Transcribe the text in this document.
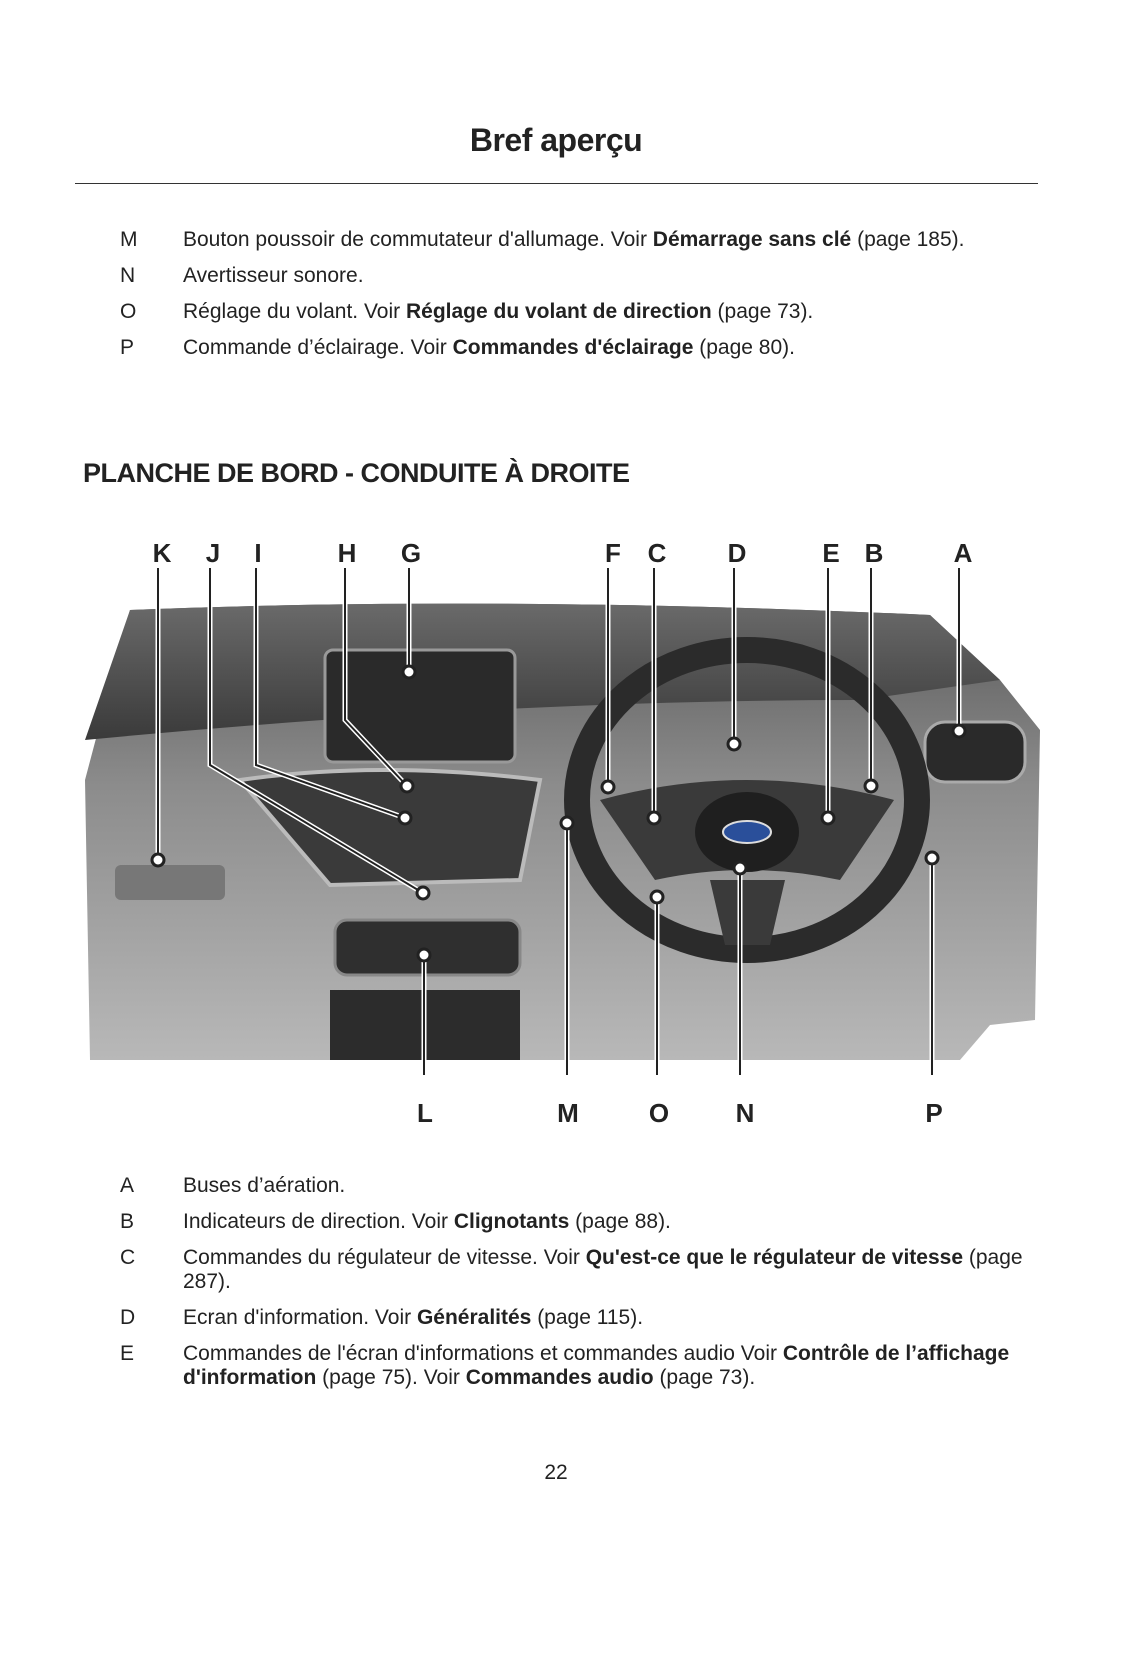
Bref aperçu
M	Bouton poussoir de commutateur d'allumage. Voir Démarrage sans clé (page 185).
N	Avertisseur sonore.
O	Réglage du volant. Voir Réglage du volant de direction (page 73).
P	Commande d’éclairage. Voir Commandes d'éclairage (page 80).
PLANCHE DE BORD - CONDUITE À DROITE
K J I	H G	F C D	E B	A
L	M	O	N	P
A	Buses d’aération.
B	Indicateurs de direction. Voir Clignotants (page 88).
C	Commandes du régulateur de vitesse. Voir Qu'est-ce que le régulateur de vitesse (page 287).
D	Ecran d'information. Voir Généralités (page 115).
E	Commandes de l'écran d'informations et commandes audio Voir Contrôle de l’affichage d'information (page 75). Voir Commandes audio (page 73).
22
